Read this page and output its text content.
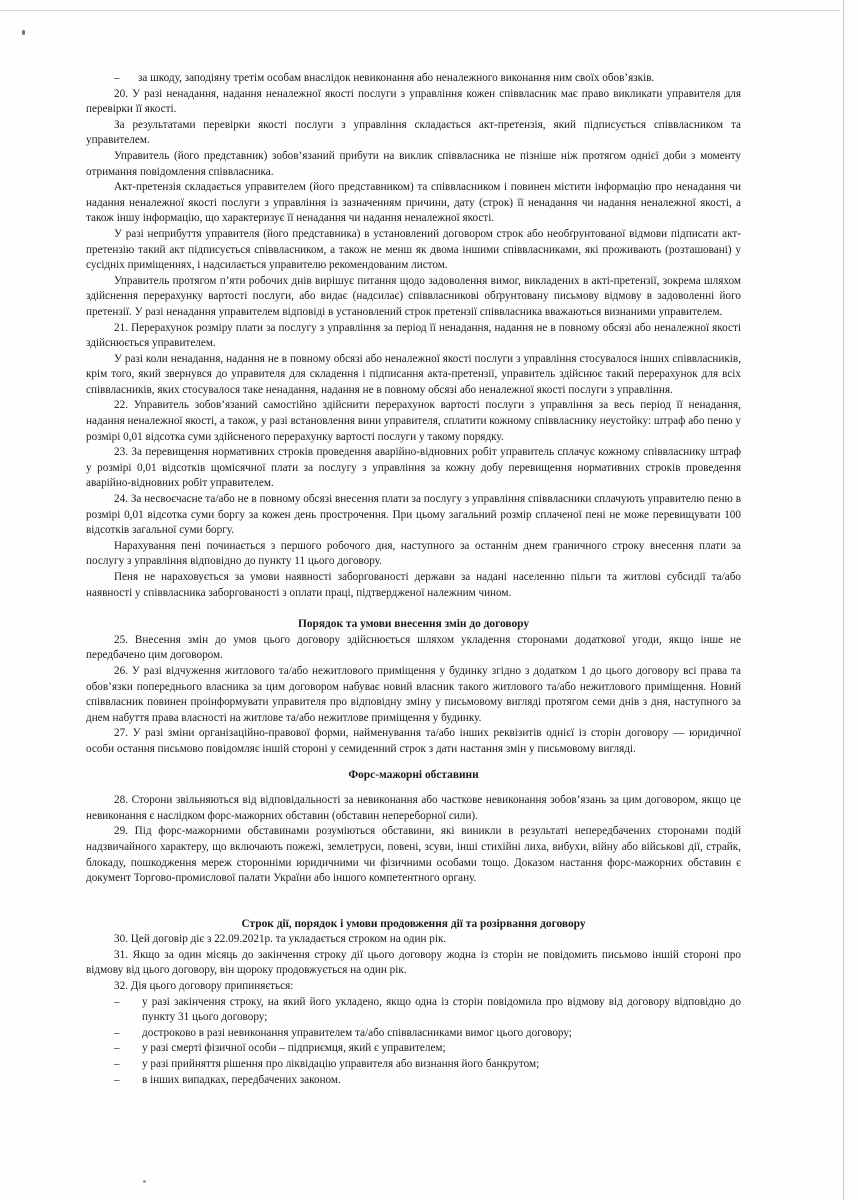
–	за шкоду, заподіяну третім особам внаслідок невиконання або неналежного виконання ним своїх обов’язків.

20. У разі ненадання, надання неналежної якості послуги з управління кожен співвласник має право викликати управителя для перевірки її якості.

За результатами перевірки якості послуги з управління складається акт-претензія, який підписується співвласником та управителем.

Управитель (його представник) зобов’язаний прибути на виклик співвласника не пізніше ніж протягом однієї доби з моменту отримання повідомлення співвласника.

Акт-претензія складається управителем (його представником) та співвласником і повинен містити інформацію про ненадання чи надання неналежної якості послуги з управління із зазначенням причини, дату (строк) її ненадання чи надання неналежної якості, а також іншу інформацію, що характеризує її ненадання чи надання неналежної якості.

У разі неприбуття управителя (його представника) в установлений договором строк або необґрунтованої відмови підписати акт-претензію такий акт підписується співвласником, а також не менш як двома іншими співвласниками, які проживають (розташовані) у сусідніх приміщеннях, і надсилається управителю рекомендованим листом.

Управитель протягом п’яти робочих днів вирішує питання щодо задоволення вимог, викладених в акті-претензії, зокрема шляхом здійснення перерахунку вартості послуги, або видає (надсилає) співвласникові обґрунтовану письмову відмову в задоволенні його претензії. У разі ненадання управителем відповіді в установлений строк претензії співвласника вважаються визнаними управителем.

21. Перерахунок розміру плати за послугу з управління за період її ненадання, надання не в повному обсязі або неналежної якості здійснюється управителем.

У разі коли ненадання, надання не в повному обсязі або неналежної якості послуги з управління стосувалося інших співвласників, крім того, який звернувся до управителя для складення і підписання акта-претензії, управитель здійснює такий перерахунок для всіх співвласників, яких стосувалося таке ненадання, надання не в повному обсязі або неналежної якості послуги з управління.

22. Управитель зобов’язаний самостійно здійснити перерахунок вартості послуги з управління за весь період її ненадання, надання неналежної якості, а також, у разі встановлення вини управителя, сплатити кожному співвласнику неустойку: штраф або пеню у розмірі 0,01 відсотка суми здійсненого перерахунку вартості послуги у такому порядку.

23. За перевищення нормативних строків проведення аварійно-відновних робіт управитель сплачує кожному співвласнику штраф у розмірі 0,01 відсотків щомісячної плати за послугу з управління за кожну добу перевищення нормативних строків проведення аварійно-відновних робіт управителем.

24. За несвоєчасне та/або не в повному обсязі внесення плати за послугу з управління співвласники сплачують управителю пеню в розмірі 0,01 відсотка суми боргу за кожен день прострочення. При цьому загальний розмір сплаченої пені не може перевищувати 100 відсотків загальної суми боргу.

Нарахування пені починається з першого робочого дня, наступного за останнім днем граничного строку внесення плати за послугу з управління відповідно до пункту 11 цього договору.

Пеня не нараховується за умови наявності заборгованості держави за надані населенню пільги та житлові субсидії та/або наявності у співвласника заборгованості з оплати праці, підтвердженої належним чином.

Порядок та умови внесення змін до договору

25. Внесення змін до умов цього договору здійснюється шляхом укладення сторонами додаткової угоди, якщо інше не передбачено цим договором.

26. У разі відчуження житлового та/або нежитлового приміщення у будинку згідно з додатком 1 до цього договору всі права та обов’язки попереднього власника за цим договором набуває новий власник такого житлового та/або нежитлового приміщення. Новий співвласник повинен проінформувати управителя про відповідну зміну у письмовому вигляді протягом семи днів з дня, наступного за днем набуття права власності на житлове та/або нежитлове приміщення у будинку.

27. У разі зміни організаційно-правової форми, найменування та/або інших реквізитів однієї із сторін договору — юридичної особи остання письмово повідомляє іншій стороні у семиденний строк з дати настання змін у письмовому вигляді.

Форс-мажорні обставини

28. Сторони звільняються від відповідальності за невиконання або часткове невиконання зобов’язань за цим договором, якщо це невиконання є наслідком форс-мажорних обставин (обставин непереборної сили).

29. Під форс-мажорними обставинами розуміються обставини, які виникли в результаті непередбачених сторонами подій надзвичайного характеру, що включають пожежі, землетруси, повені, зсуви, інші стихійні лиха, вибухи, війну або військові дії, страйк, блокаду, пошкодження мереж сторонніми юридичними чи фізичними особами тощо. Доказом настання форс-мажорних обставин є документ Торгово-промислової палати України або іншого компетентного органу.

Строк дії, порядок і умови продовження дії та розірвання договору

30. Цей договір діє з 22.09.2021р. та укладається строком на один рік.

31. Якщо за один місяць до закінчення строку дії цього договору жодна із сторін не повідомить письмово іншій стороні про відмову від цього договору, він щороку продовжується на один рік.

32. Дія цього договору припиняється:

–	у разі закінчення строку, на який його укладено, якщо одна із сторін повідомила про відмову від договору відповідно до пункту 31 цього договору;
–	достроково в разі невиконання управителем та/або співвласниками вимог цього договору;
–	у разі смерті фізичної особи – підприємця, який є управителем;
–	у разі прийняття рішення про ліквідацію управителя або визнання його банкрутом;
–	в інших випадках, передбачених законом.
